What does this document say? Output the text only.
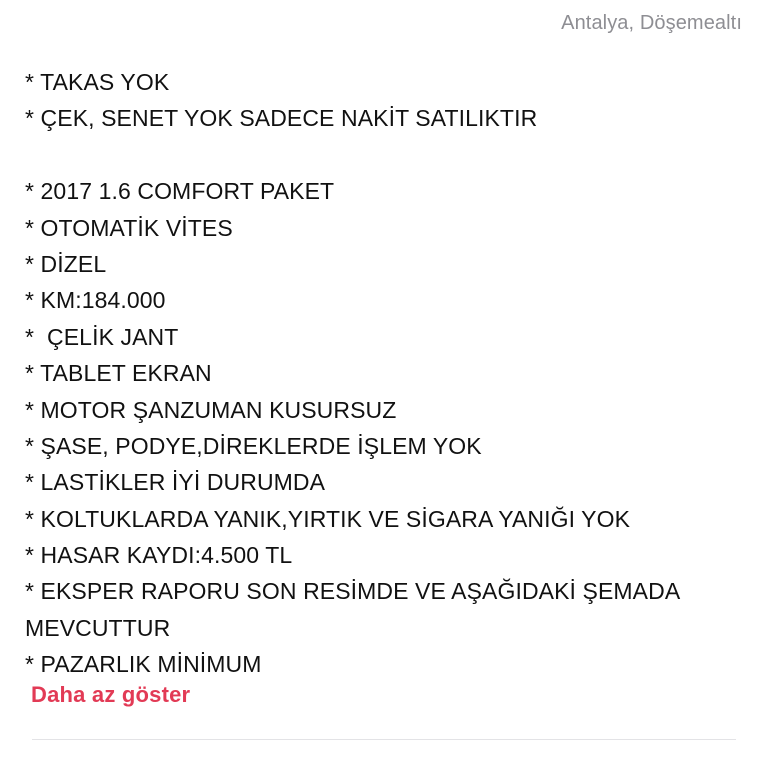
Antalya, Döşemealtı
* TAKAS YOK
* ÇEK, SENET YOK SADECE NAKİT SATILIKTIR
* 2017 1.6 COMFORT PAKET
* OTOMATİK VİTES
* DİZEL
* KM:184.000
*  ÇELİK JANT
* TABLET EKRAN
* MOTOR ŞANZUMAN KUSURSUZ
* ŞASE, PODYE,DİREKLERDE İŞLEM YOK
* LASTİKLER İYİ DURUMDA
* KOLTUKLARDA YANIK,YIRTIK VE SİGARA YANIĞI YOK
* HASAR KAYDI:4.500 TL
* EKSPER RAPORU SON RESİMDE VE AŞAĞIDAKİ ŞEMADA
MEVCUTTUR
* PAZARLIK MİNİMUM
Daha az göster
